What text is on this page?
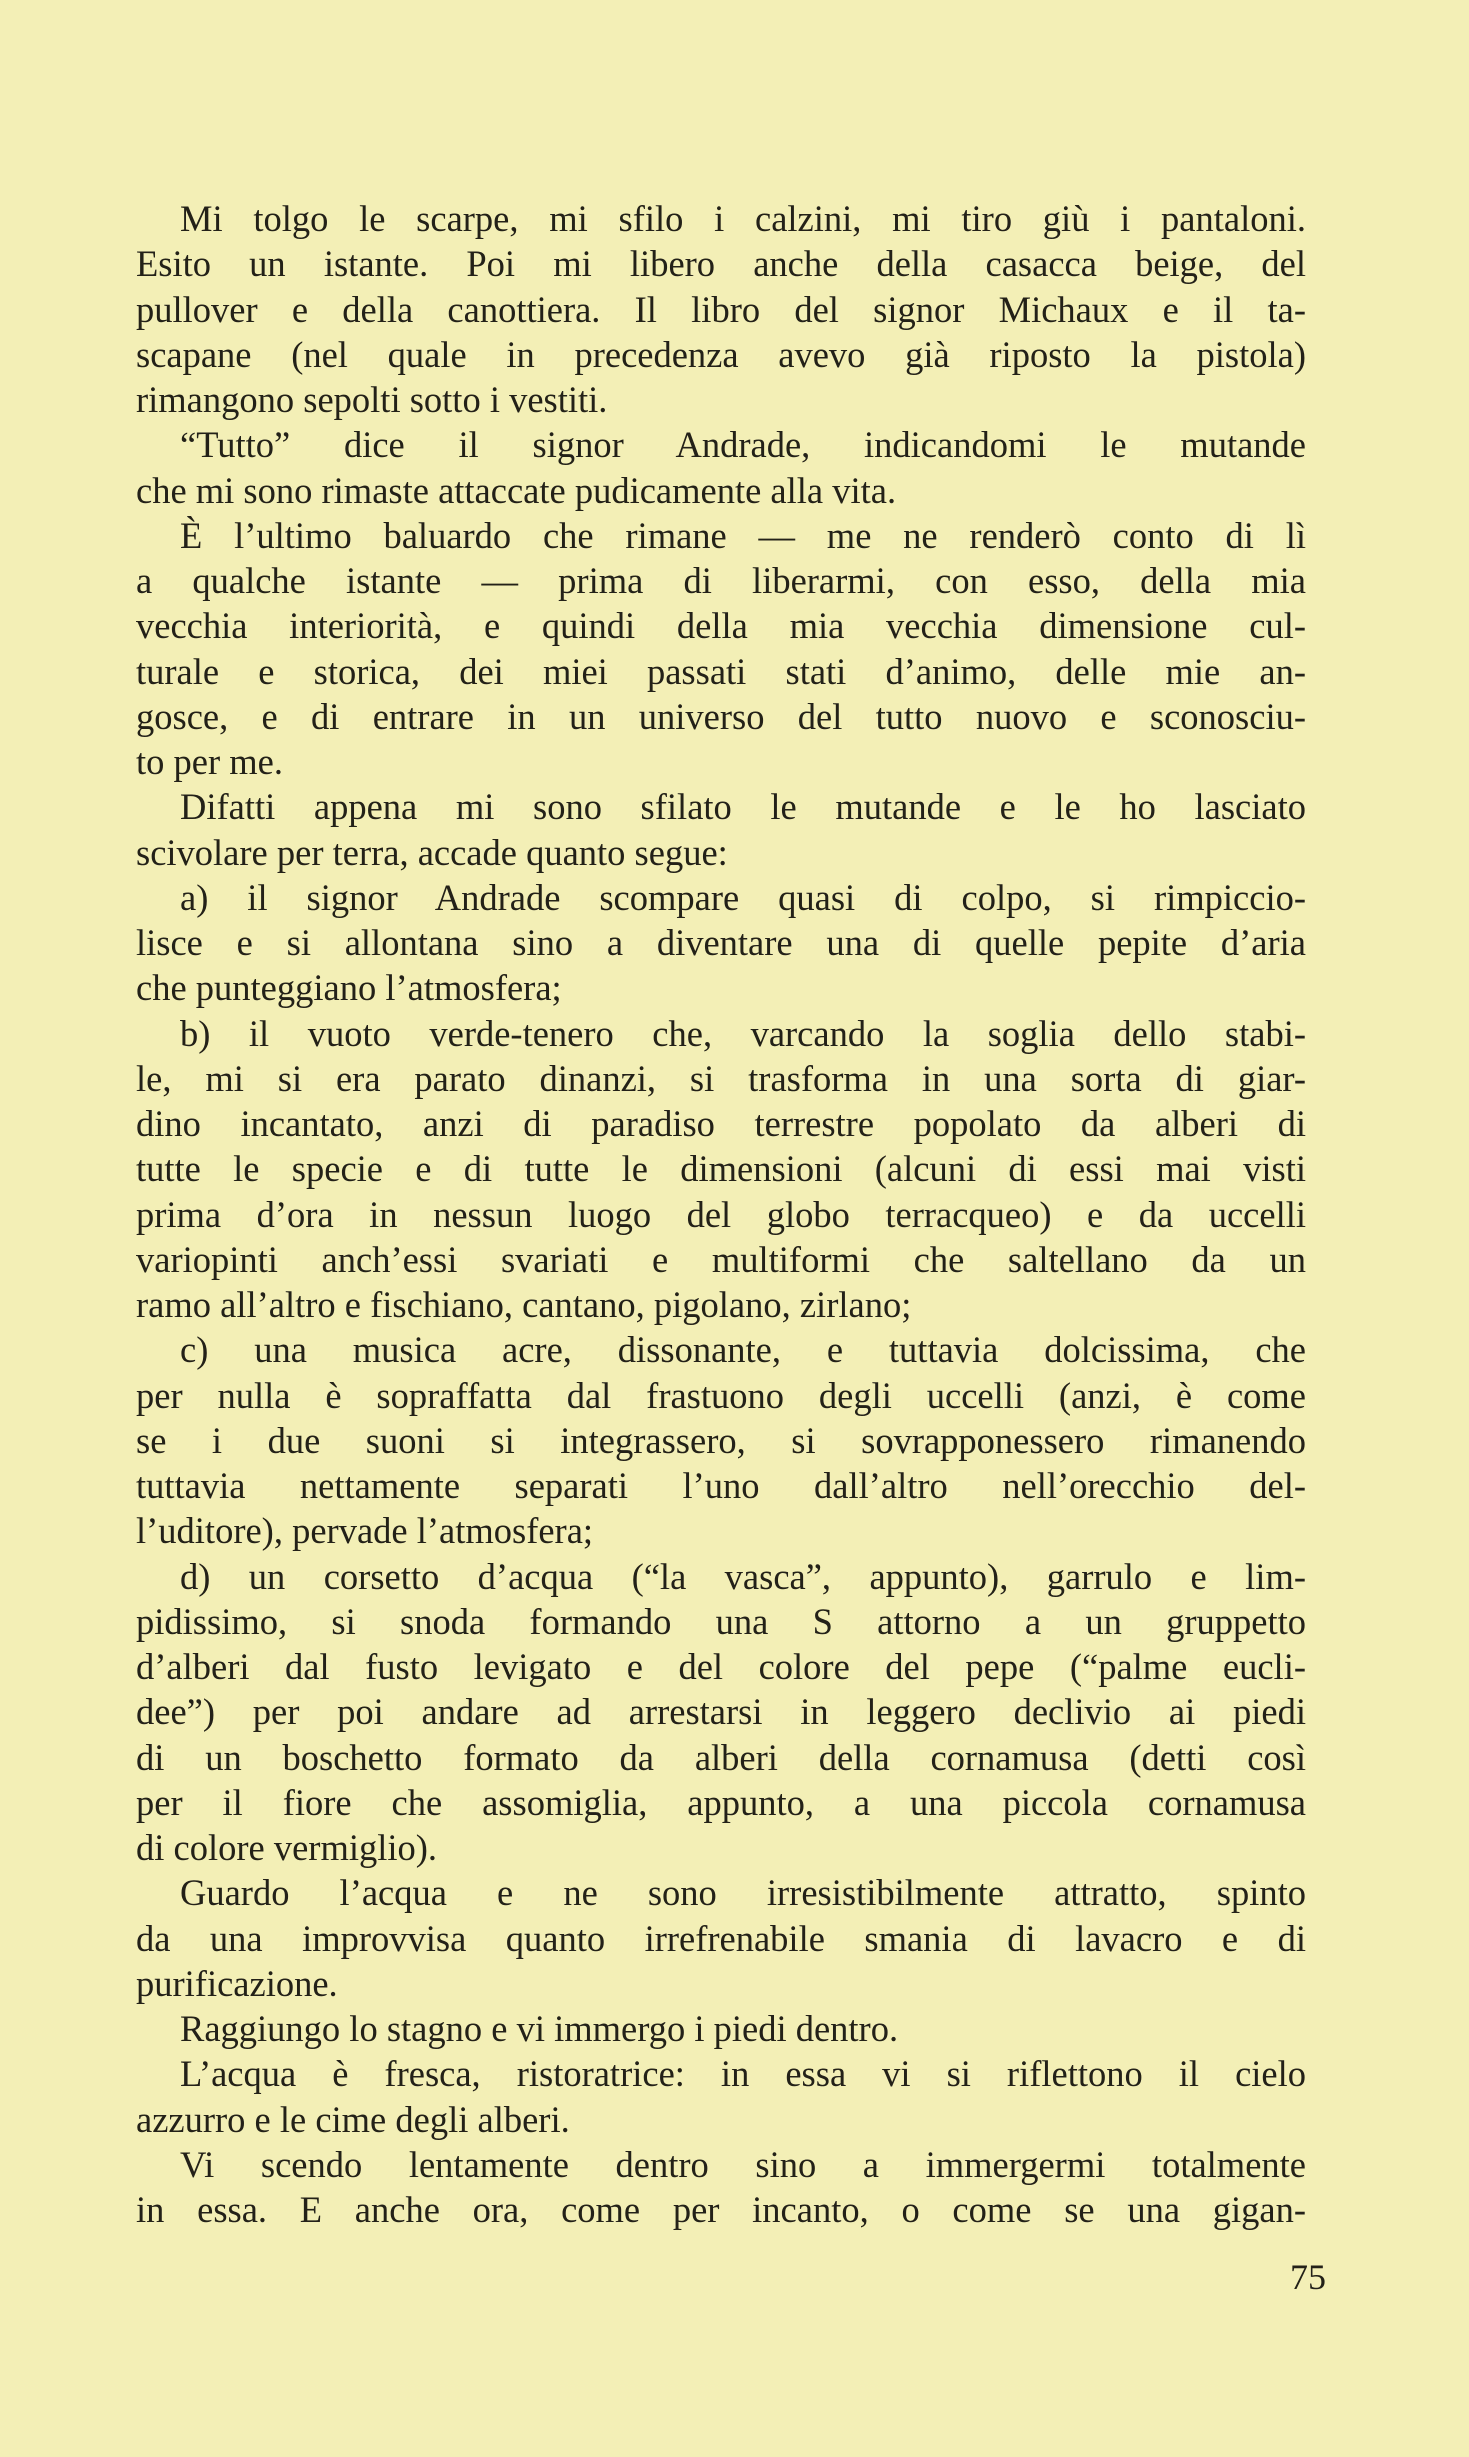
Mi tolgo le scarpe, mi sfilo i calzini, mi tiro giù i pantaloni.
Esito un istante. Poi mi libero anche della casacca beige, del
pullover e della canottiera. Il libro del signor Michaux e il ta-
scapane (nel quale in precedenza avevo già riposto la pistola)
rimangono sepolti sotto i vestiti.
“Tutto” dice il signor Andrade, indicandomi le mutande
che mi sono rimaste attaccate pudicamente alla vita.
È l’ultimo baluardo che rimane — me ne renderò conto di lì
a qualche istante — prima di liberarmi, con esso, della mia
vecchia interiorità, e quindi della mia vecchia dimensione cul-
turale e storica, dei miei passati stati d’animo, delle mie an-
gosce, e di entrare in un universo del tutto nuovo e sconosciu-
to per me.
Difatti appena mi sono sfilato le mutande e le ho lasciato
scivolare per terra, accade quanto segue:
a) il signor Andrade scompare quasi di colpo, si rimpiccio-
lisce e si allontana sino a diventare una di quelle pepite d’aria
che punteggiano l’atmosfera;
b) il vuoto verde-tenero che, varcando la soglia dello stabi-
le, mi si era parato dinanzi, si trasforma in una sorta di giar-
dino incantato, anzi di paradiso terrestre popolato da alberi di
tutte le specie e di tutte le dimensioni (alcuni di essi mai visti
prima d’ora in nessun luogo del globo terracqueo) e da uccelli
variopinti anch’essi svariati e multiformi che saltellano da un
ramo all’altro e fischiano, cantano, pigolano, zirlano;
c) una musica acre, dissonante, e tuttavia dolcissima, che
per nulla è sopraffatta dal frastuono degli uccelli (anzi, è come
se i due suoni si integrassero, si sovrapponessero rimanendo
tuttavia nettamente separati l’uno dall’altro nell’orecchio del-
l’uditore), pervade l’atmosfera;
d) un corsetto d’acqua (“la vasca”, appunto), garrulo e lim-
pidissimo, si snoda formando una S attorno a un gruppetto
d’alberi dal fusto levigato e del colore del pepe (“palme eucli-
dee”) per poi andare ad arrestarsi in leggero declivio ai piedi
di un boschetto formato da alberi della cornamusa (detti così
per il fiore che assomiglia, appunto, a una piccola cornamusa
di colore vermiglio).
Guardo l’acqua e ne sono irresistibilmente attratto, spinto
da una improvvisa quanto irrefrenabile smania di lavacro e di
purificazione.
Raggiungo lo stagno e vi immergo i piedi dentro.
L’acqua è fresca, ristoratrice: in essa vi si riflettono il cielo
azzurro e le cime degli alberi.
Vi scendo lentamente dentro sino a immergermi totalmente
in essa. E anche ora, come per incanto, o come se una gigan-
75
